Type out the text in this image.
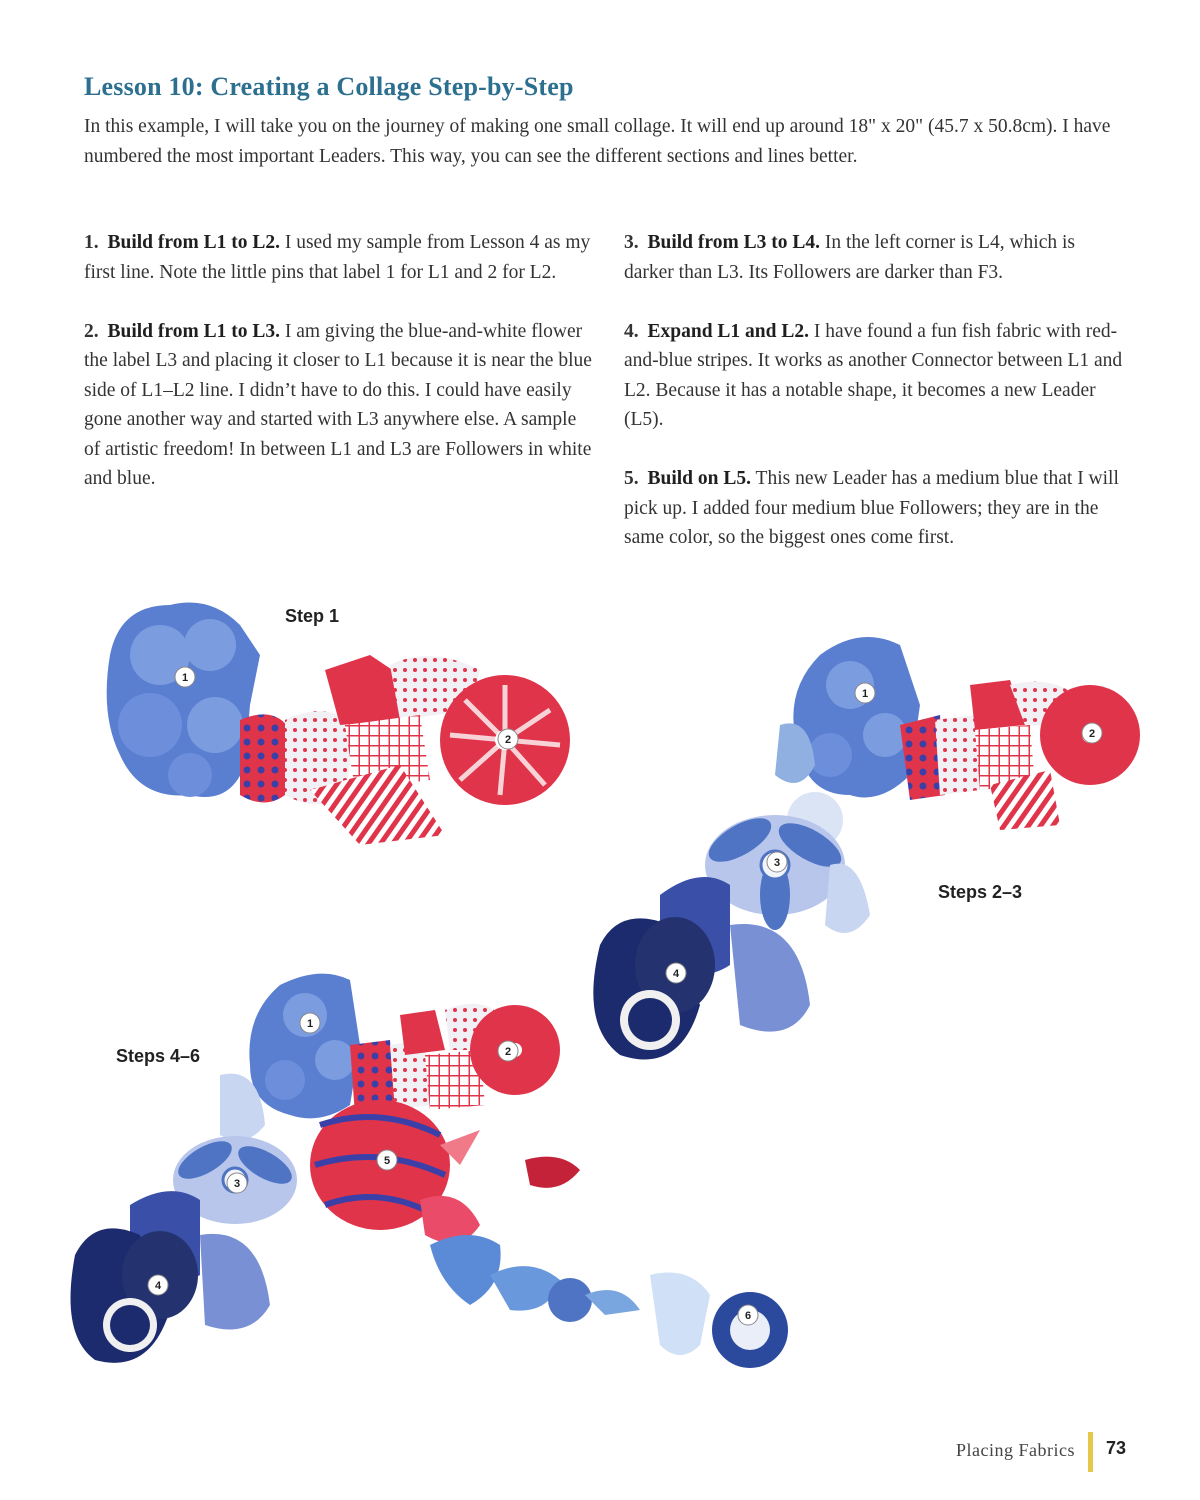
Lesson 10: Creating a Collage Step-by-Step

In this example, I will take you on the journey of making one small collage. It will end up around 18" x 20" (45.7 x 50.8cm). I have numbered the most important Leaders. This way, you can see the different sections and lines better.

1. Build from L1 to L2. I used my sample from Lesson 4 as my first line. Note the little pins that label 1 for L1 and 2 for L2.

2. Build from L1 to L3. I am giving the blue-and-white flower the label L3 and placing it closer to L1 because it is near the blue side of L1–L2 line. I didn’t have to do this. I could have easily gone another way and started with L3 anywhere else. A sample of artistic freedom! In between L1 and L3 are Followers in white and blue.

3. Build from L3 to L4. In the left corner is L4, which is darker than L3. Its Followers are darker than F3.

4. Expand L1 and L2. I have found a fun fish fabric with red-and-blue stripes. It works as another Connector between L1 and L2. Because it has a notable shape, it becomes a new Leader (L5).

5. Build on L5. This new Leader has a medium blue that I will pick up. I added four medium blue Followers; they are in the same color, so the biggest ones come first.

Step 1
1
2
Steps 2–3
1
2
3
4
Steps 4–6
1
2
3
4
5
6
Placing Fabrics 73
